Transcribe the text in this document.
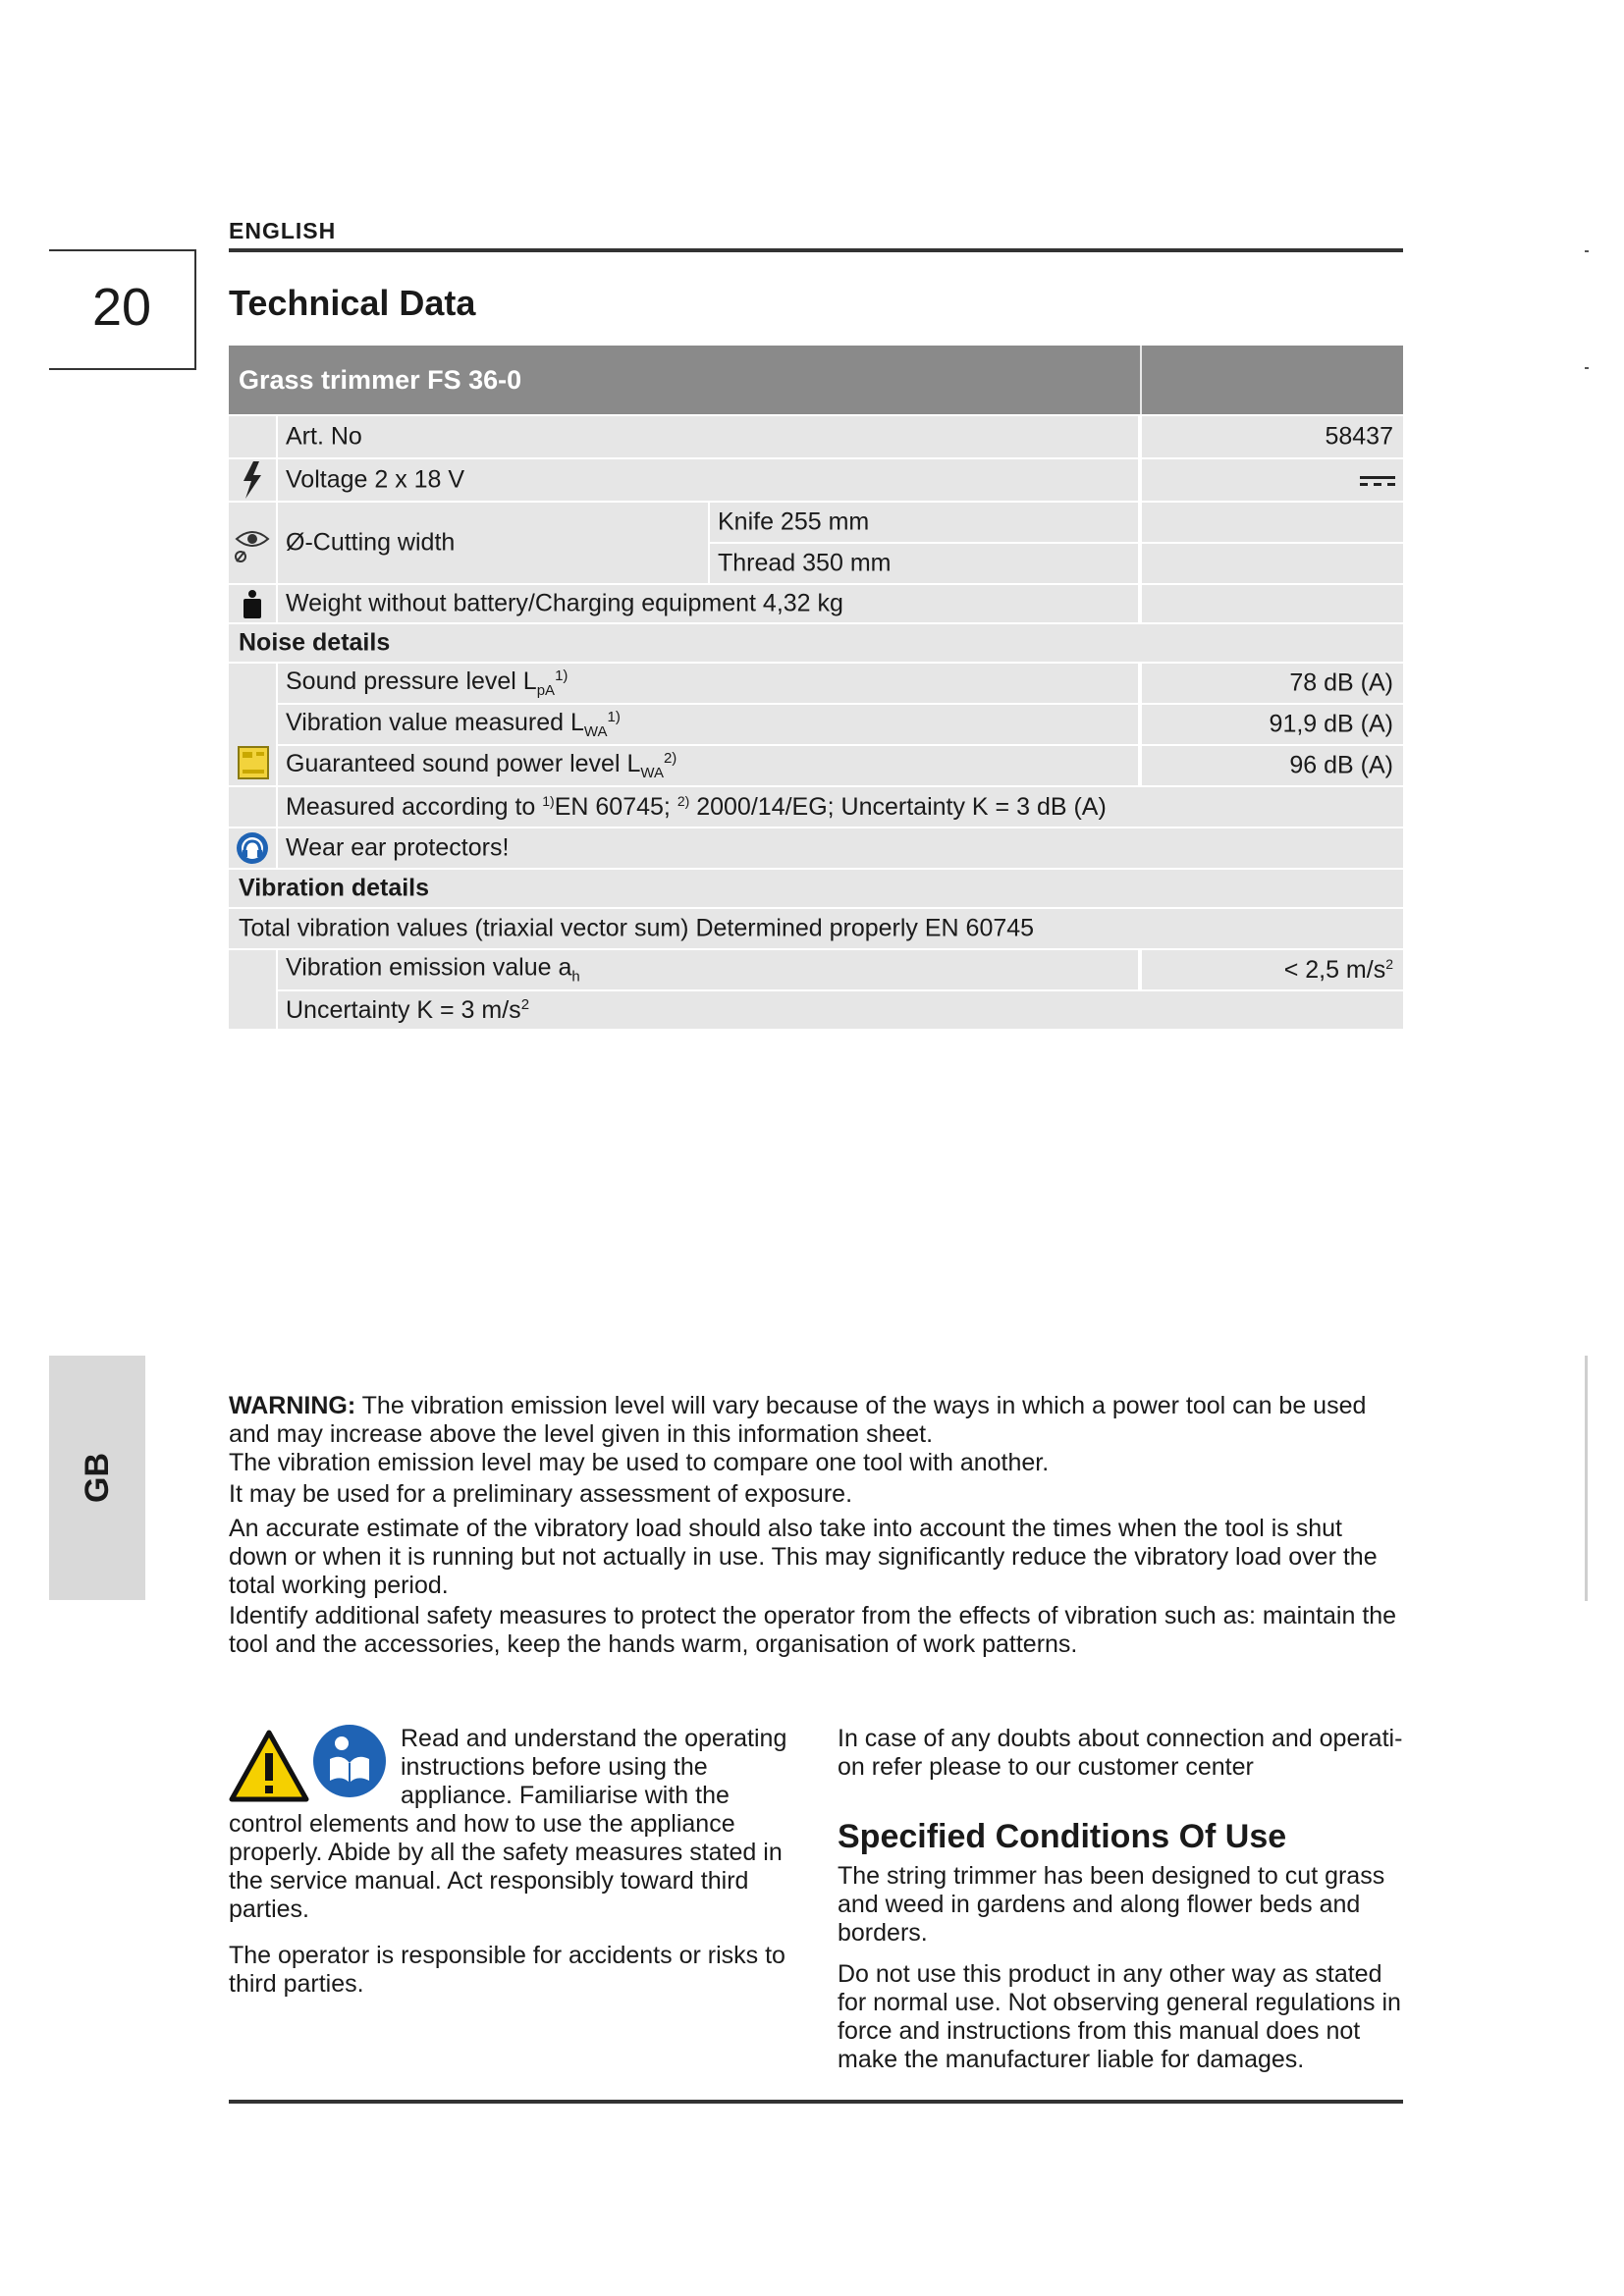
ENGLISH
20	Technical Data
Grass trimmer FS 36-0
Art. No	58437
Voltage 2 x 18 V
Ø-Cutting width
Knife 255 mm
Thread 350 mm
Weight without battery/Charging equipment 4,32 kg
Noise details
Sound pressure level $L_{pA}^{1)}$	78 dB (A)
Vibration value measured $L_{WA}^{1)}$	91,9 dB (A)
Guaranteed sound power level $L_{WA}^{2)}$	96 dB (A)
Measured according to $^{1)}$EN 60745; $^{2)}$ 2000/14/EG; Uncertainty K = 3 dB (A)
Wear ear protectors!
Vibration details
Total vibration values (triaxial vector sum) Determined properly EN 60745
Vibration emission value $a_h$	< 2,5 $m/s^2$
Uncertainty K = 3 $m/s^2$
GB
WARNING: The vibration emission level will vary because of the ways in which a power tool can be used and may increase above the level given in this information sheet.
The vibration emission level may be used to compare one tool with another.
It may be used for a preliminary assessment of exposure.
An accurate estimate of the vibratory load should also take into account the times when the tool is shut down or when it is running but not actually in use. This may significantly reduce the vibratory load over the total working period.
Identify additional safety measures to protect the operator from the effects of vibration such as: maintain the tool and the accessories, keep the hands warm, organisation of work patterns.
Read and understand the operating
instructions before using the
appliance. Familiarise with the
control elements and how to use the appliance properly. Abide by all the safety measures stated in the service manual. Act responsibly toward third parties.
The operator is responsible for accidents or risks to third parties.
In case of any doubts about connection and operati-on refer please to our customer center
Specified Conditions Of Use
The string trimmer has been designed to cut grass and weed in gardens and along flower beds and borders.
Do not use this product in any other way as stated for normal use. Not observing general regulations in force and instructions from this manual does not make the manufacturer liable for damages.
